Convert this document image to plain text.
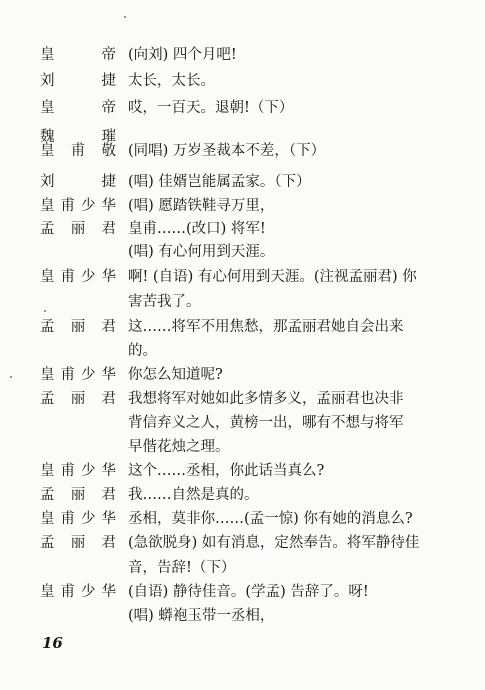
皇　　帝 (向刘) 四个月吧!
刘　　捷 太长，太长。
皇　　帝 哎，一百天。退朝!（下）
魏　　璀
皇 甫 敬 (同唱) 万岁圣裁本不差，（下）
刘　　捷 (唱) 佳婿岂能属孟家。（下）
皇甫少华 (唱) 愿踏铁鞋寻万里，
孟 丽 君 皇甫……(改口) 将军!
(唱) 有心何用到天涯。
皇甫少华 啊! (自语) 有心何用到天涯。(注视孟丽君) 你
害苦我了。
孟 丽 君 这……将军不用焦愁，那孟丽君她自会出来
的。
皇甫少华 你怎么知道呢?
孟 丽 君 我想将军对她如此多情多义，孟丽君也决非
背信弃义之人，黄榜一出，哪有不想与将军
早偕花烛之理。
皇甫少华 这个……丞相，你此话当真么?
孟 丽 君 我……自然是真的。
皇甫少华 丞相，莫非你……(孟一惊) 你有她的消息么?
孟 丽 君 (急欲脱身) 如有消息，定然奉告。将军静待佳
音，告辞!（下）
皇甫少华 (自语) 静待佳音。(学孟) 告辞了。呀!
(唱) 蟒袍玉带一丞相，
16
